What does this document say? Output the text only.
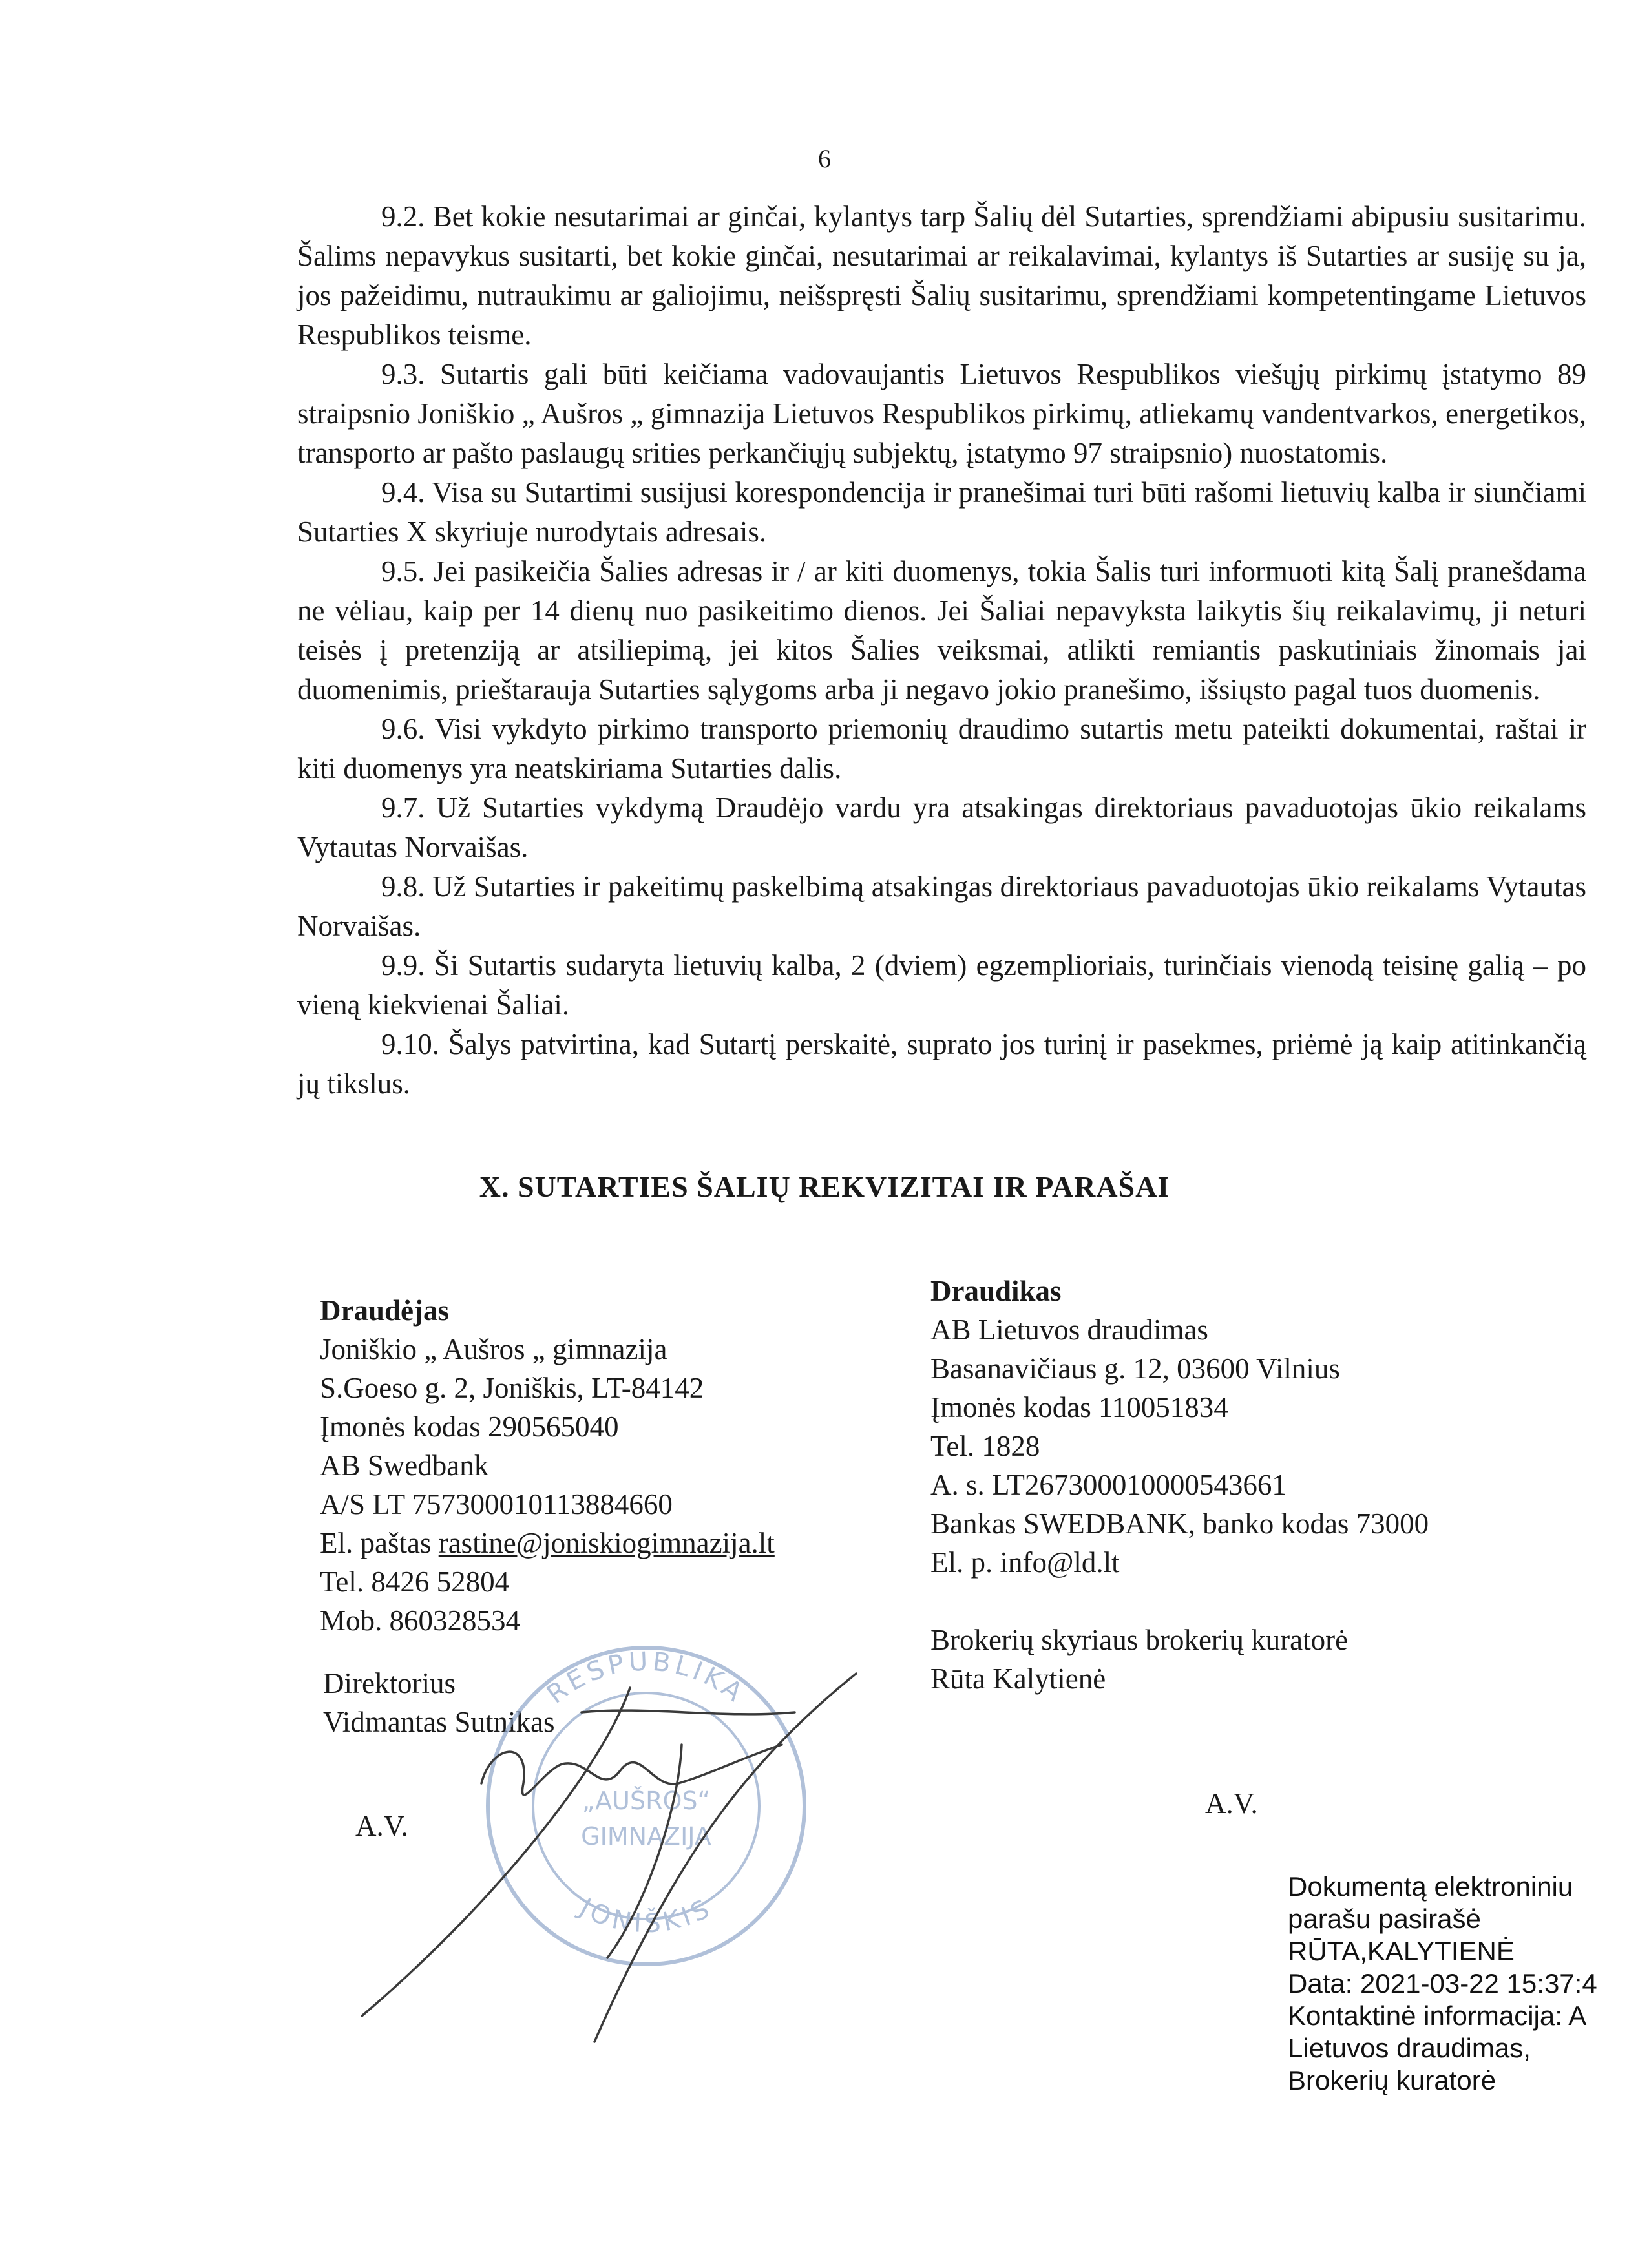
6

9.2. Bet kokie nesutarimai ar ginčai, kylantys tarp Šalių dėl Sutarties, sprendžiami abipusiu susitarimu. Šalims nepavykus susitarti, bet kokie ginčai, nesutarimai ar reikalavimai, kylantys iš Sutarties ar susiję su ja, jos pažeidimu, nutraukimu ar galiojimu, neišspręsti Šalių susitarimu, sprendžiami kompetentingame Lietuvos Respublikos teisme.

9.3. Sutartis gali būti keičiama vadovaujantis Lietuvos Respublikos viešųjų pirkimų įstatymo 89 straipsnio Joniškio „ Aušros „ gimnazija Lietuvos Respublikos pirkimų, atliekamų vandentvarkos, energetikos, transporto ar pašto paslaugų srities perkančiųjų subjektų, įstatymo 97 straipsnio) nuostatomis.

9.4. Visa su Sutartimi susijusi korespondencija ir pranešimai turi būti rašomi lietuvių kalba ir siunčiami Sutarties X skyriuje nurodytais adresais.

9.5. Jei pasikeičia Šalies adresas ir / ar kiti duomenys, tokia Šalis turi informuoti kitą Šalį pranešdama ne vėliau, kaip per 14 dienų nuo pasikeitimo dienos. Jei Šaliai nepavyksta laikytis šių reikalavimų, ji neturi teisės į pretenziją ar atsiliepimą, jei kitos Šalies veiksmai, atlikti remiantis paskutiniais žinomais jai duomenimis, prieštarauja Sutarties sąlygoms arba ji negavo jokio pranešimo, išsiųsto pagal tuos duomenis.

9.6. Visi vykdyto pirkimo transporto priemonių draudimo sutartis metu pateikti dokumentai, raštai ir kiti duomenys yra neatskiriama Sutarties dalis.

9.7. Už Sutarties vykdymą Draudėjo vardu yra atsakingas direktoriaus pavaduotojas ūkio reikalams Vytautas Norvaišas.

9.8. Už Sutarties ir pakeitimų paskelbimą atsakingas direktoriaus pavaduotojas ūkio reikalams Vytautas Norvaišas.

9.9. Ši Sutartis sudaryta lietuvių kalba, 2 (dviem) egzemplioriais, turinčiais vienodą teisinę galią – po vieną kiekvienai Šaliai.

9.10. Šalys patvirtina, kad Sutartį perskaitė, suprato jos turinį ir pasekmes, priėmė ją kaip atitinkančią jų tikslus.

X. SUTARTIES ŠALIŲ REKVIZITAI IR PARAŠAI
Draudėjas
Joniškio „ Aušros „ gimnazija
S.Goeso g. 2, Joniškis, LT-84142
Įmonės kodas 290565040
AB Swedbank
A/S LT 757300010113884660
El. paštas rastine@joniskiogimnazija.lt
Tel. 8426 52804
Mob. 860328534
Draudikas
AB Lietuvos draudimas
Basanavičiaus g. 12, 03600 Vilnius
Įmonės kodas 110051834
Tel. 1828
A. s. LT267300010000543661
Bankas SWEDBANK, banko kodas 73000
El. p. info@ld.lt
Brokerių skyriaus brokerių kuratorė
Rūta Kalytienė
Direktorius
Vidmantas Sutnikas
A.V.
A.V.
RESPUBLIKA
JONIŠKIS
„AUŠROS“
GIMNAZIJA
Dokumentą elektroniniu
parašu pasirašė
RŪTA,KALYTIENĖ
Data: 2021-03-22 15:37:4
Kontaktinė informacija: A
Lietuvos draudimas,
Brokerių kuratorė
